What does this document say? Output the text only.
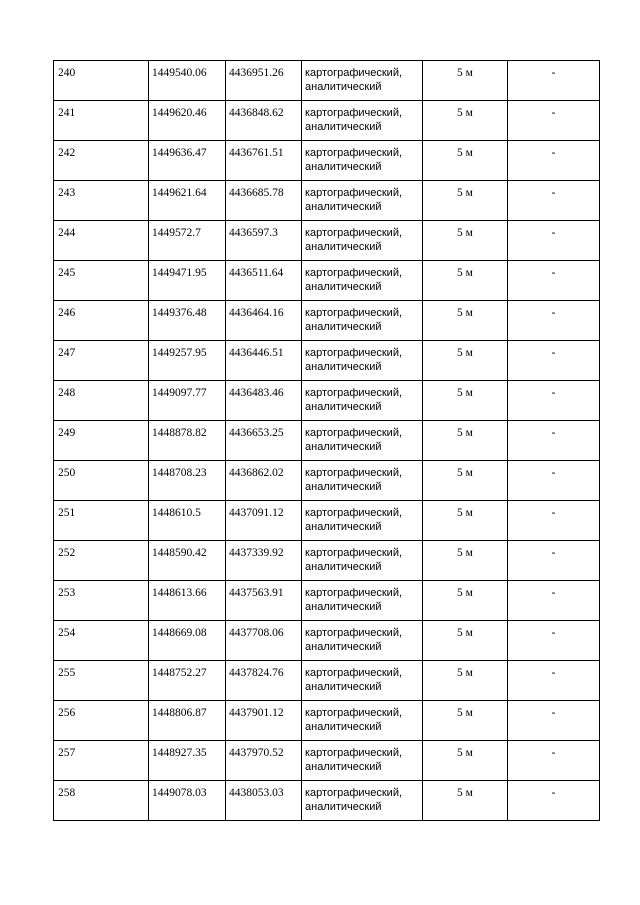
240	1449540.06	4436951.26	картографический, аналитический	5 м	-
241	1449620.46	4436848.62	картографический, аналитический	5 м	-
242	1449636.47	4436761.51	картографический, аналитический	5 м	-
243	1449621.64	4436685.78	картографический, аналитический	5 м	-
244	1449572.7	4436597.3	картографический, аналитический	5 м	-
245	1449471.95	4436511.64	картографический, аналитический	5 м	-
246	1449376.48	4436464.16	картографический, аналитический	5 м	-
247	1449257.95	4436446.51	картографический, аналитический	5 м	-
248	1449097.77	4436483.46	картографический, аналитический	5 м	-
249	1448878.82	4436653.25	картографический, аналитический	5 м	-
250	1448708.23	4436862.02	картографический, аналитический	5 м	-
251	1448610.5	4437091.12	картографический, аналитический	5 м	-
252	1448590.42	4437339.92	картографический, аналитический	5 м	-
253	1448613.66	4437563.91	картографический, аналитический	5 м	-
254	1448669.08	4437708.06	картографический, аналитический	5 м	-
255	1448752.27	4437824.76	картографический, аналитический	5 м	-
256	1448806.87	4437901.12	картографический, аналитический	5 м	-
257	1448927.35	4437970.52	картографический, аналитический	5 м	-
258	1449078.03	4438053.03	картографический, аналитический	5 м	-
